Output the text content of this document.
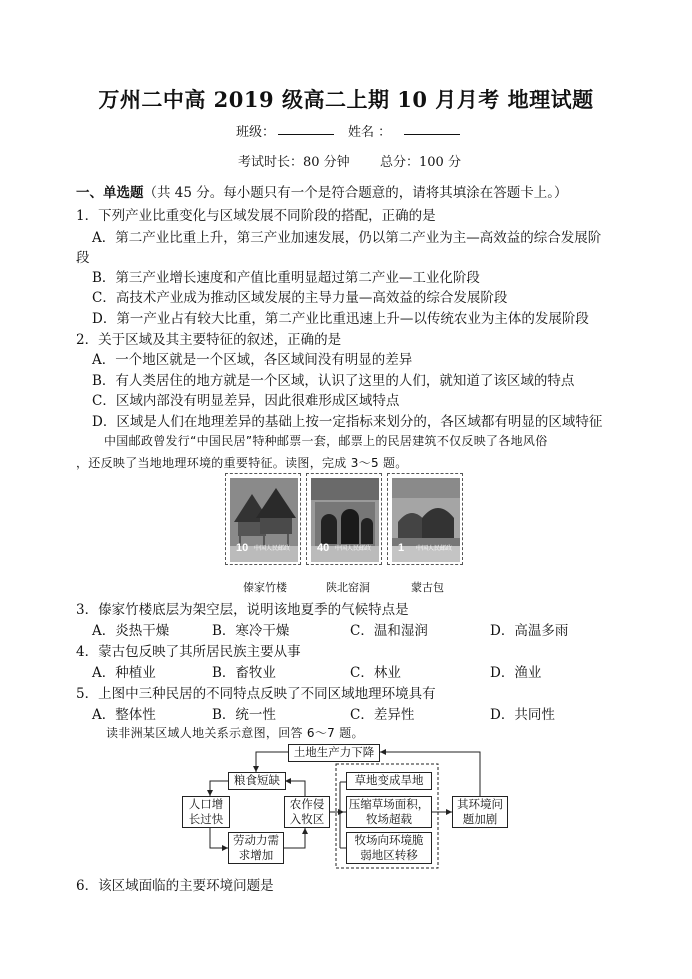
万州二中高 2019 级高二上期 10 月月考 地理试题
班级：	姓名 ：
考试时长：80 分钟 总分：100 分
一、单选题（共 45 分。每小题只有一个是符合题意的，请将其填涂在答题卡上。）
1．下列产业比重变化与区域发展不同阶段的搭配，正确的是
A．第二产业比重上升，第三产业加速发展，仍以第二产业为主—高效益的综合发展阶
段
B．第三产业增长速度和产值比重明显超过第二产业—工业化阶段
C．高技术产业成为推动区域发展的主导力量—高效益的综合发展阶段
D．第一产业占有较大比重，第二产业比重迅速上升—以传统农业为主体的发展阶段
2．关于区域及其主要特征的叙述，正确的是
A．一个地区就是一个区域，各区域间没有明显的差异
B．有人类居住的地方就是一个区域，认识了这里的人们，就知道了该区域的特点
C．区域内部没有明显差异，因此很难形成区域特点
D．区域是人们在地理差异的基础上按一定指标来划分的，各区域都有明显的区域特征
中国邮政曾发行“中国民居”特种邮票一套，邮票上的民居建筑不仅反映了各地风俗
，还反映了当地地理环境的重要特征。读图，完成 3～5 题。
10 中国人民邮政 40 中国人民邮政 1 中国人民邮政
傣家竹楼	陕北窑洞	蒙古包
3．傣家竹楼底层为架空层，说明该地夏季的气候特点是
A．炎热干燥	B．寒冷干燥	C．温和湿润	D．高温多雨
4．蒙古包反映了其所居民族主要从事
A．种植业	B．畜牧业	C．林业	D．渔业
5．上图中三种民居的不同特点反映了不同区域地理环境具有
A．整体性	B．统一性	C．差异性	D．共同性
读非洲某区域人地关系示意图，回答 6～7 题。
土地生产力下降
粮食短缺
人口增
长过快
农作侵
入牧区
劳动力需
求增加
草地变成旱地
压缩草场面积，
牧场超载
牧场向环境脆
弱地区转移
其环境问
题加剧
6．该区域面临的主要环境问题是
